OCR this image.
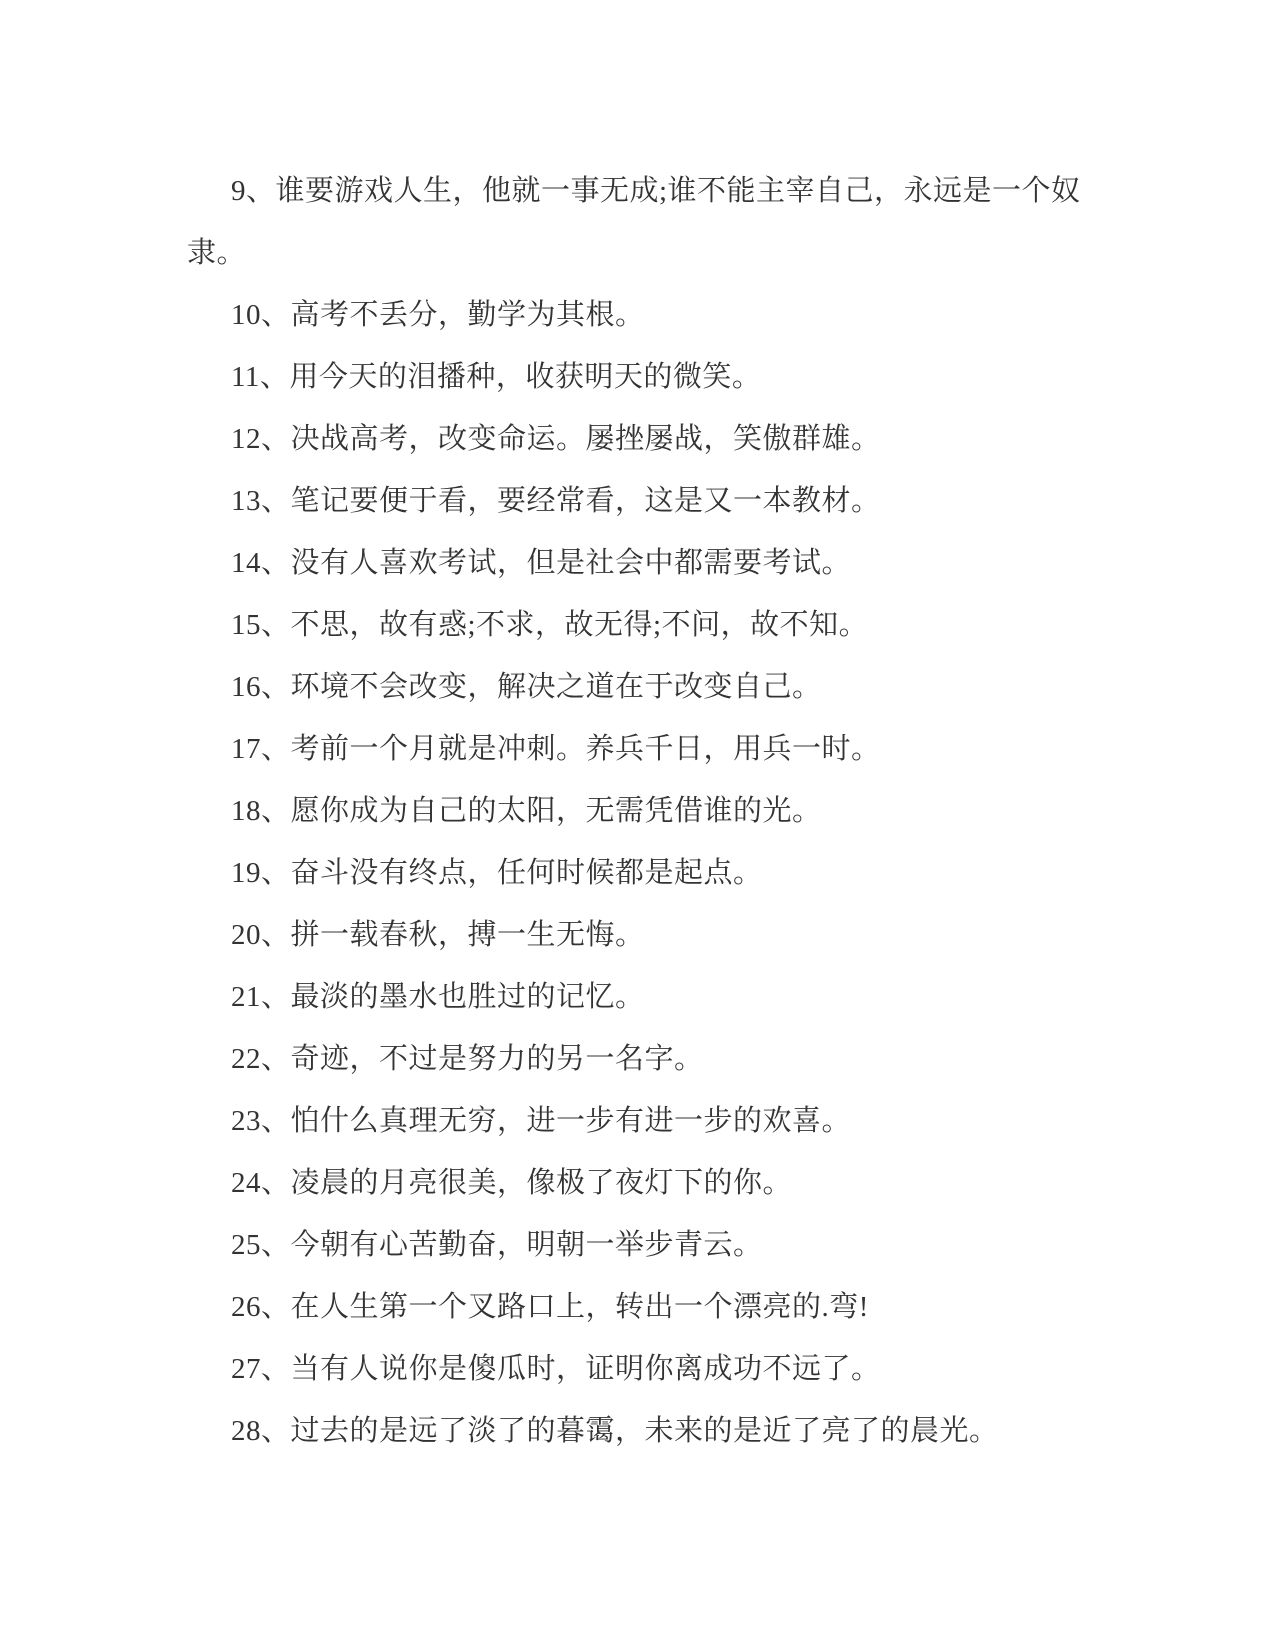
9、谁要游戏人生，他就一事无成;谁不能主宰自己，永远是一个奴隶。

10、高考不丢分，勤学为其根。

11、用今天的泪播种，收获明天的微笑。

12、决战高考，改变命运。屡挫屡战，笑傲群雄。

13、笔记要便于看，要经常看，这是又一本教材。

14、没有人喜欢考试，但是社会中都需要考试。

15、不思，故有惑;不求，故无得;不问，故不知。

16、环境不会改变，解决之道在于改变自己。

17、考前一个月就是冲刺。养兵千日，用兵一时。

18、愿你成为自己的太阳，无需凭借谁的光。

19、奋斗没有终点，任何时候都是起点。

20、拼一载春秋，搏一生无悔。

21、最淡的墨水也胜过的记忆。

22、奇迹，不过是努力的另一名字。

23、怕什么真理无穷，进一步有进一步的欢喜。

24、凌晨的月亮很美，像极了夜灯下的你。

25、今朝有心苦勤奋，明朝一举步青云。

26、在人生第一个叉路口上，转出一个漂亮的.弯!

27、当有人说你是傻瓜时，证明你离成功不远了。

28、过去的是远了淡了的暮霭，未来的是近了亮了的晨光。
